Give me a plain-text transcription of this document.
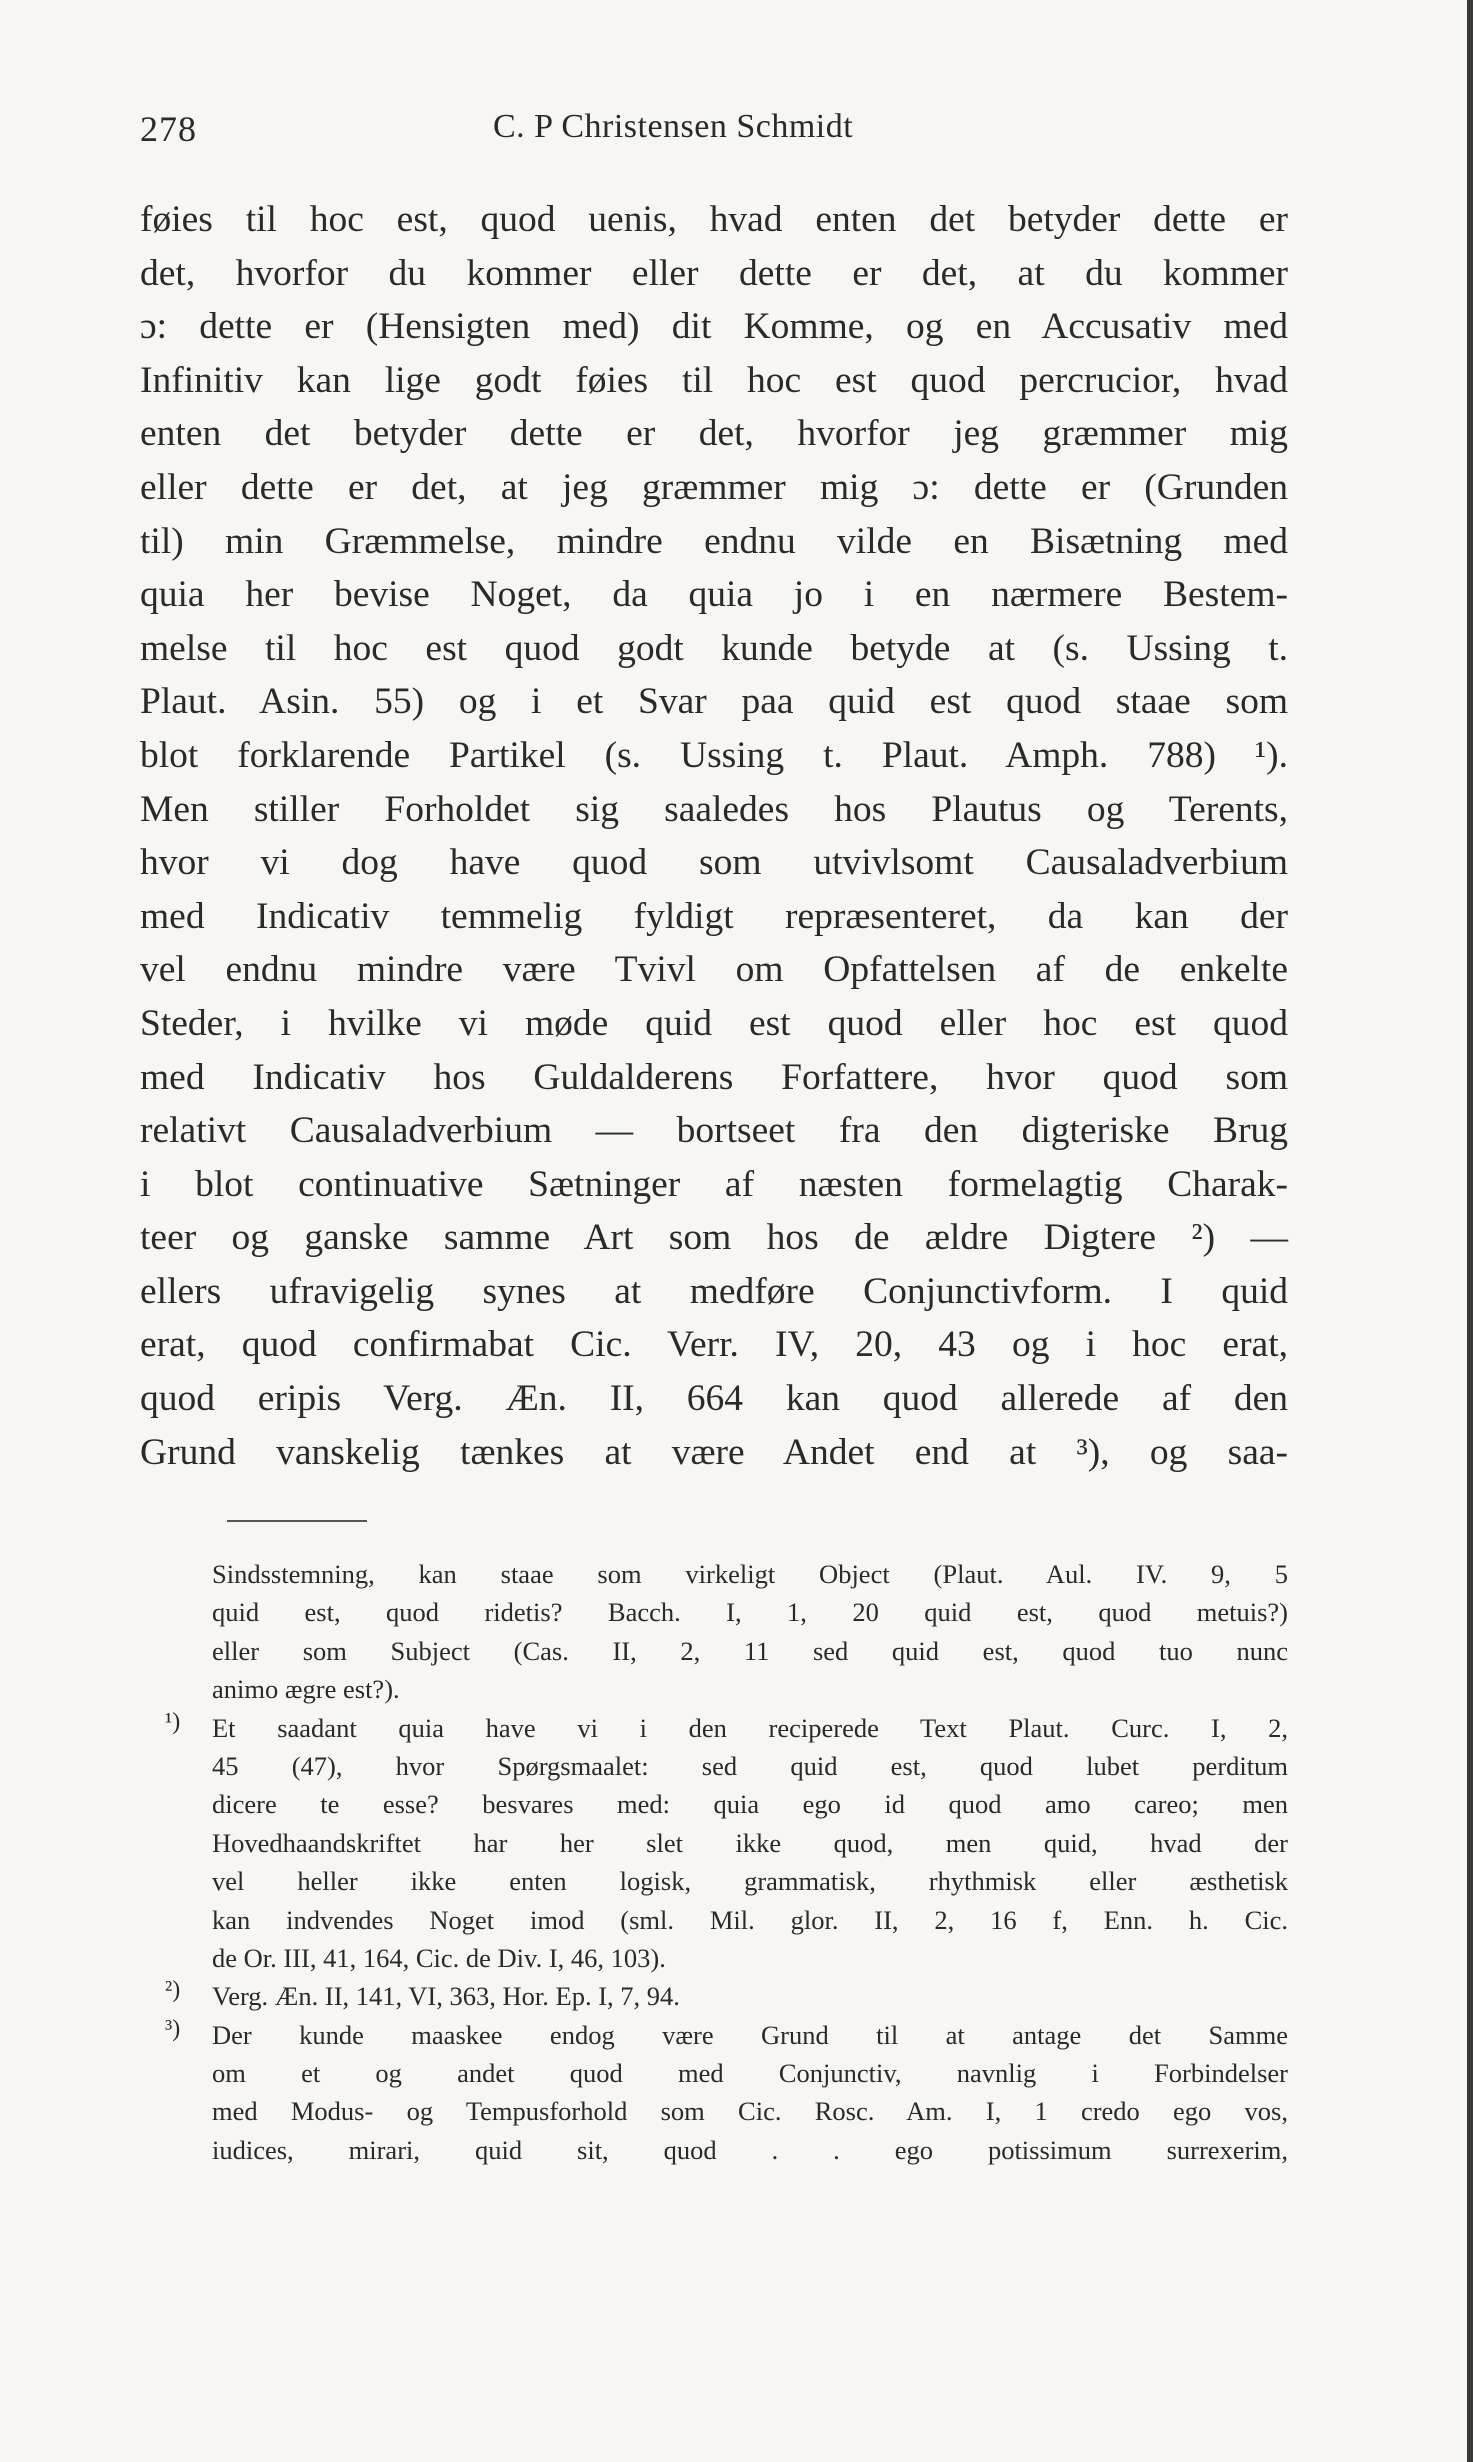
278	C. P Christensen Schmidt
føies til hoc est, quod uenis, hvad enten det betyder dette er
det, hvorfor du kommer eller dette er det, at du kommer
ɔ: dette er (Hensigten med) dit Komme, og en Accusativ med
Infinitiv kan lige godt føies til hoc est quod percrucior, hvad
enten det betyder dette er det, hvorfor jeg græmmer mig
eller dette er det, at jeg græmmer mig ɔ: dette er (Grunden
til) min Græmmelse, mindre endnu vilde en Bisætning med
quia her bevise Noget, da quia jo i en nærmere Bestem-
melse til hoc est quod godt kunde betyde at (s. Ussing t.
Plaut. Asin. 55) og i et Svar paa quid est quod staae som
blot forklarende Partikel (s. Ussing t. Plaut. Amph. 788) ¹).
Men stiller Forholdet sig saaledes hos Plautus og Terents,
hvor vi dog have quod som utvivlsomt Causaladverbium
med Indicativ temmelig fyldigt repræsenteret, da kan der
vel endnu mindre være Tvivl om Opfattelsen af de enkelte
Steder, i hvilke vi møde quid est quod eller hoc est quod
med Indicativ hos Guldalderens Forfattere, hvor quod som
relativt Causaladverbium — bortseet fra den digteriske Brug
i blot continuative Sætninger af næsten formelagtig Charak-
teer og ganske samme Art som hos de ældre Digtere ²) —
ellers ufravigelig synes at medføre Conjunctivform. I quid
erat, quod confirmabat Cic. Verr. IV, 20, 43 og i hoc erat,
quod eripis Verg. Æn. II, 664 kan quod allerede af den
Grund vanskelig tænkes at være Andet end at ³), og saa-
Sindsstemning, kan staae som virkeligt Object (Plaut. Aul. IV. 9, 5
quid est, quod ridetis? Bacch. I, 1, 20 quid est, quod metuis?)
eller som Subject (Cas. II, 2, 11 sed quid est, quod tuo nunc
animo ægre est?).
¹) Et saadant quia have vi i den reciperede Text Plaut. Curc. I, 2,
45 (47), hvor Spørgsmaalet: sed quid est, quod lubet perditum
dicere te esse? besvares med: quia ego id quod amo careo; men
Hovedhaandskriftet har her slet ikke quod, men quid, hvad der
vel heller ikke enten logisk, grammatisk, rhythmisk eller æsthetisk
kan indvendes Noget imod (sml. Mil. glor. II, 2, 16 f, Enn. h. Cic.
de Or. III, 41, 164, Cic. de Div. I, 46, 103).
²) Verg. Æn. II, 141, VI, 363, Hor. Ep. I, 7, 94.
³) Der kunde maaskee endog være Grund til at antage det Samme
om et og andet quod med Conjunctiv, navnlig i Forbindelser
med Modus- og Tempusforhold som Cic. Rosc. Am. I, 1 credo ego vos,
iudices, mirari, quid sit, quod . . ego potissimum surrexerim,
